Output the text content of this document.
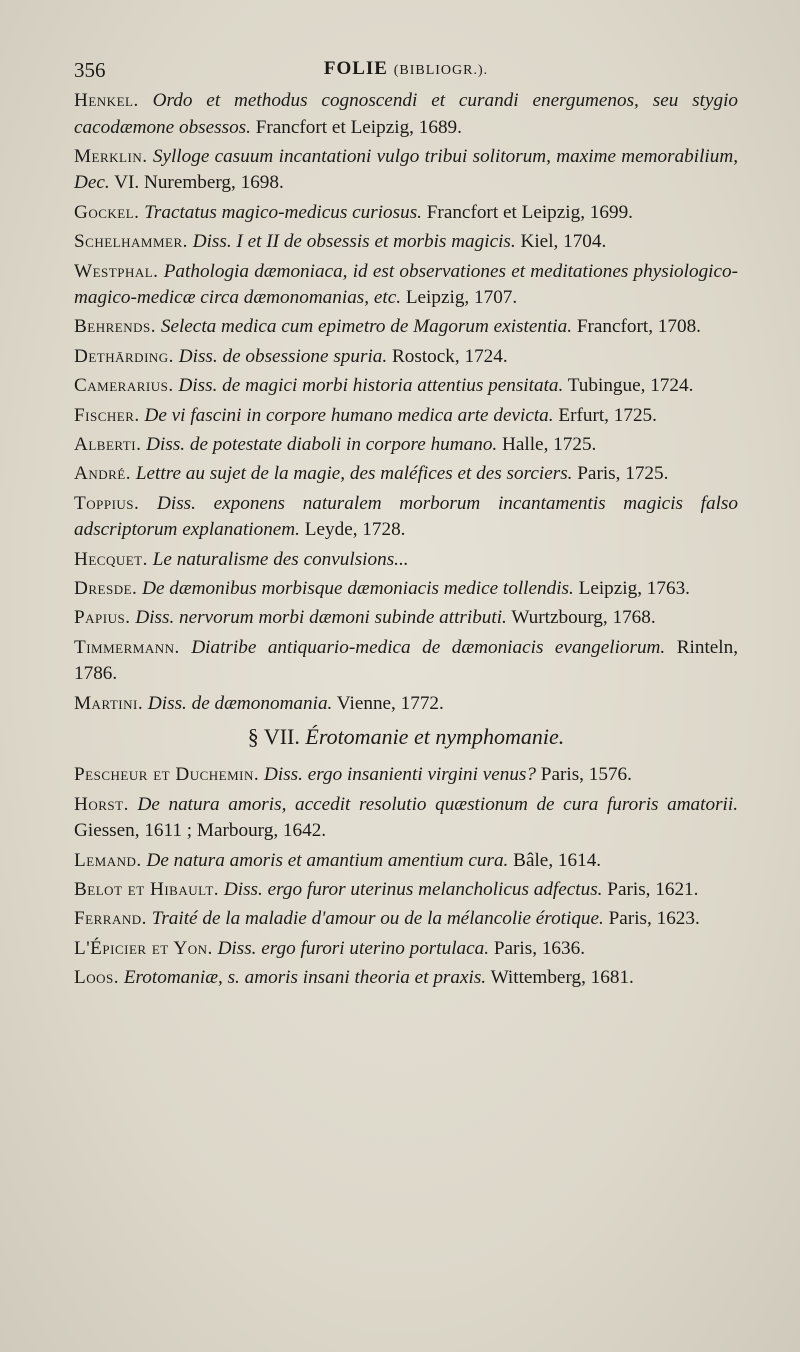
356	FOLIE (BIBLIOGR.).

Henkel. Ordo et methodus cognoscendi et curandi energumenos, seu stygio cacodæmone obsessos. Francfort et Leipzig, 1689.

Merklin. Sylloge casuum incantationi vulgo tribui solitorum, maxime memorabilium, Dec. VI. Nuremberg, 1698.

Gockel. Tractatus magico-medicus curiosus. Francfort et Leipzig, 1699.

Schelhammer. Diss. I et II de obsessis et morbis magicis. Kiel, 1704.

Westphal. Pathologia dæmoniaca, id est observationes et meditationes physiologico-magico-medicæ circa dæmonomanias, etc. Leipzig, 1707.

Behrends. Selecta medica cum epimetro de Magorum existentia. Francfort, 1708.

Dethārding. Diss. de obsessione spuria. Rostock, 1724.

Camerarius. Diss. de magici morbi historia attentius pensitata. Tubingue, 1724.

Fischer. De vi fascini in corpore humano medica arte devicta. Erfurt, 1725.

Alberti. Diss. de potestate diaboli in corpore humano. Halle, 1725.

André. Lettre au sujet de la magie, des maléfices et des sorciers. Paris, 1725.

Toppius. Diss. exponens naturalem morborum incantamentis magicis falso adscriptorum explanationem. Leyde, 1728.

Hecquet. Le naturalisme des convulsions...

Dresde. De dæmonibus morbisque dæmoniacis medice tollendis. Leipzig, 1763.

Papius. Diss. nervorum morbi dæmoni subinde attributi. Wurtzbourg, 1768.

Timmermann. Diatribe antiquario-medica de dæmoniacis evangeliorum. Rinteln, 1786.

Martini. Diss. de dæmonomania. Vienne, 1772.

§ VII. Érotomanie et nymphomanie.

Pescheur et Duchemin. Diss. ergo insanienti virgini venus? Paris, 1576.

Horst. De natura amoris, accedit resolutio quæstionum de cura furoris amatorii. Giessen, 1611 ; Marbourg, 1642.

Lemand. De natura amoris et amantium amentium cura. Bâle, 1614.

Belot et Hibault. Diss. ergo furor uterinus melancholicus adfectus. Paris, 1621.

Ferrand. Traité de la maladie d'amour ou de la mélancolie érotique. Paris, 1623.

L'Épicier et Yon. Diss. ergo furori uterino portulaca. Paris, 1636.

Loos. Erotomaniæ, s. amoris insani theoria et praxis. Wittemberg, 1681.
